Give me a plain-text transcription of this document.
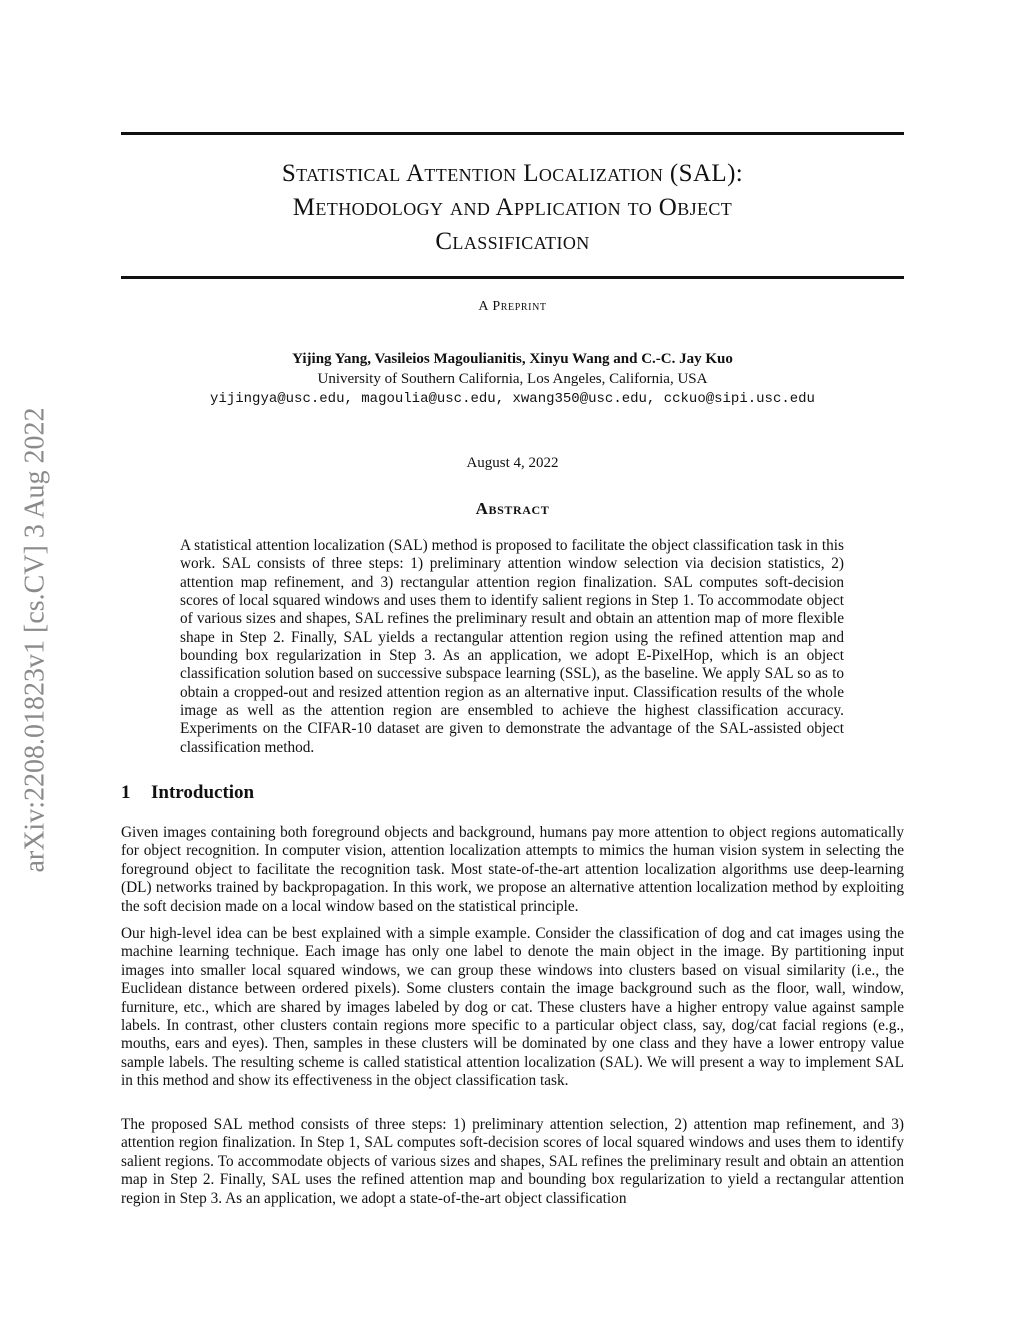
arXiv:2208.01823v1 [cs.CV] 3 Aug 2022
Statistical Attention Localization (SAL):
Methodology and Application to Object
Classification
A Preprint
Yijing Yang, Vasileios Magoulianitis, Xinyu Wang and C.-C. Jay Kuo
University of Southern California, Los Angeles, California, USA
yijingya@usc.edu, magoulia@usc.edu, xwang350@usc.edu, cckuo@sipi.usc.edu
August 4, 2022
Abstract

A statistical attention localization (SAL) method is proposed to facilitate the object classification task in this work. SAL consists of three steps: 1) preliminary attention window selection via decision statistics, 2) attention map refinement, and 3) rectangular attention region finalization. SAL computes soft-decision scores of local squared windows and uses them to identify salient regions in Step 1. To accommodate object of various sizes and shapes, SAL refines the preliminary result and obtain an attention map of more flexible shape in Step 2. Finally, SAL yields a rectangular attention region using the refined attention map and bounding box regularization in Step 3. As an application, we adopt E-PixelHop, which is an object classification solution based on successive subspace learning (SSL), as the baseline. We apply SAL so as to obtain a cropped-out and resized attention region as an alternative input. Classification results of the whole image as well as the attention region are ensembled to achieve the highest classification accuracy. Experiments on the CIFAR-10 dataset are given to demonstrate the advantage of the SAL-assisted object classification method.

1 Introduction

Given images containing both foreground objects and background, humans pay more attention to object regions automatically for object recognition. In computer vision, attention localization attempts to mimics the human vision system in selecting the foreground object to facilitate the recognition task. Most state-of-the-art attention localization algorithms use deep-learning (DL) networks trained by backpropagation. In this work, we propose an alternative attention localization method by exploiting the soft decision made on a local window based on the statistical principle.

Our high-level idea can be best explained with a simple example. Consider the classification of dog and cat images using the machine learning technique. Each image has only one label to denote the main object in the image. By partitioning input images into smaller local squared windows, we can group these windows into clusters based on visual similarity (i.e., the Euclidean distance between ordered pixels). Some clusters contain the image background such as the floor, wall, window, furniture, etc., which are shared by images labeled by dog or cat. These clusters have a higher entropy value against sample labels. In contrast, other clusters contain regions more specific to a particular object class, say, dog/cat facial regions (e.g., mouths, ears and eyes). Then, samples in these clusters will be dominated by one class and they have a lower entropy value sample labels. The resulting scheme is called statistical attention localization (SAL). We will present a way to implement SAL in this method and show its effectiveness in the object classification task.

The proposed SAL method consists of three steps: 1) preliminary attention selection, 2) attention map refinement, and 3) attention region finalization. In Step 1, SAL computes soft-decision scores of local squared windows and uses them to identify salient regions. To accommodate objects of various sizes and shapes, SAL refines the preliminary result and obtain an attention map in Step 2. Finally, SAL uses the refined attention map and bounding box regularization to yield a rectangular attention region in Step 3. As an application, we adopt a state-of-the-art object classification
